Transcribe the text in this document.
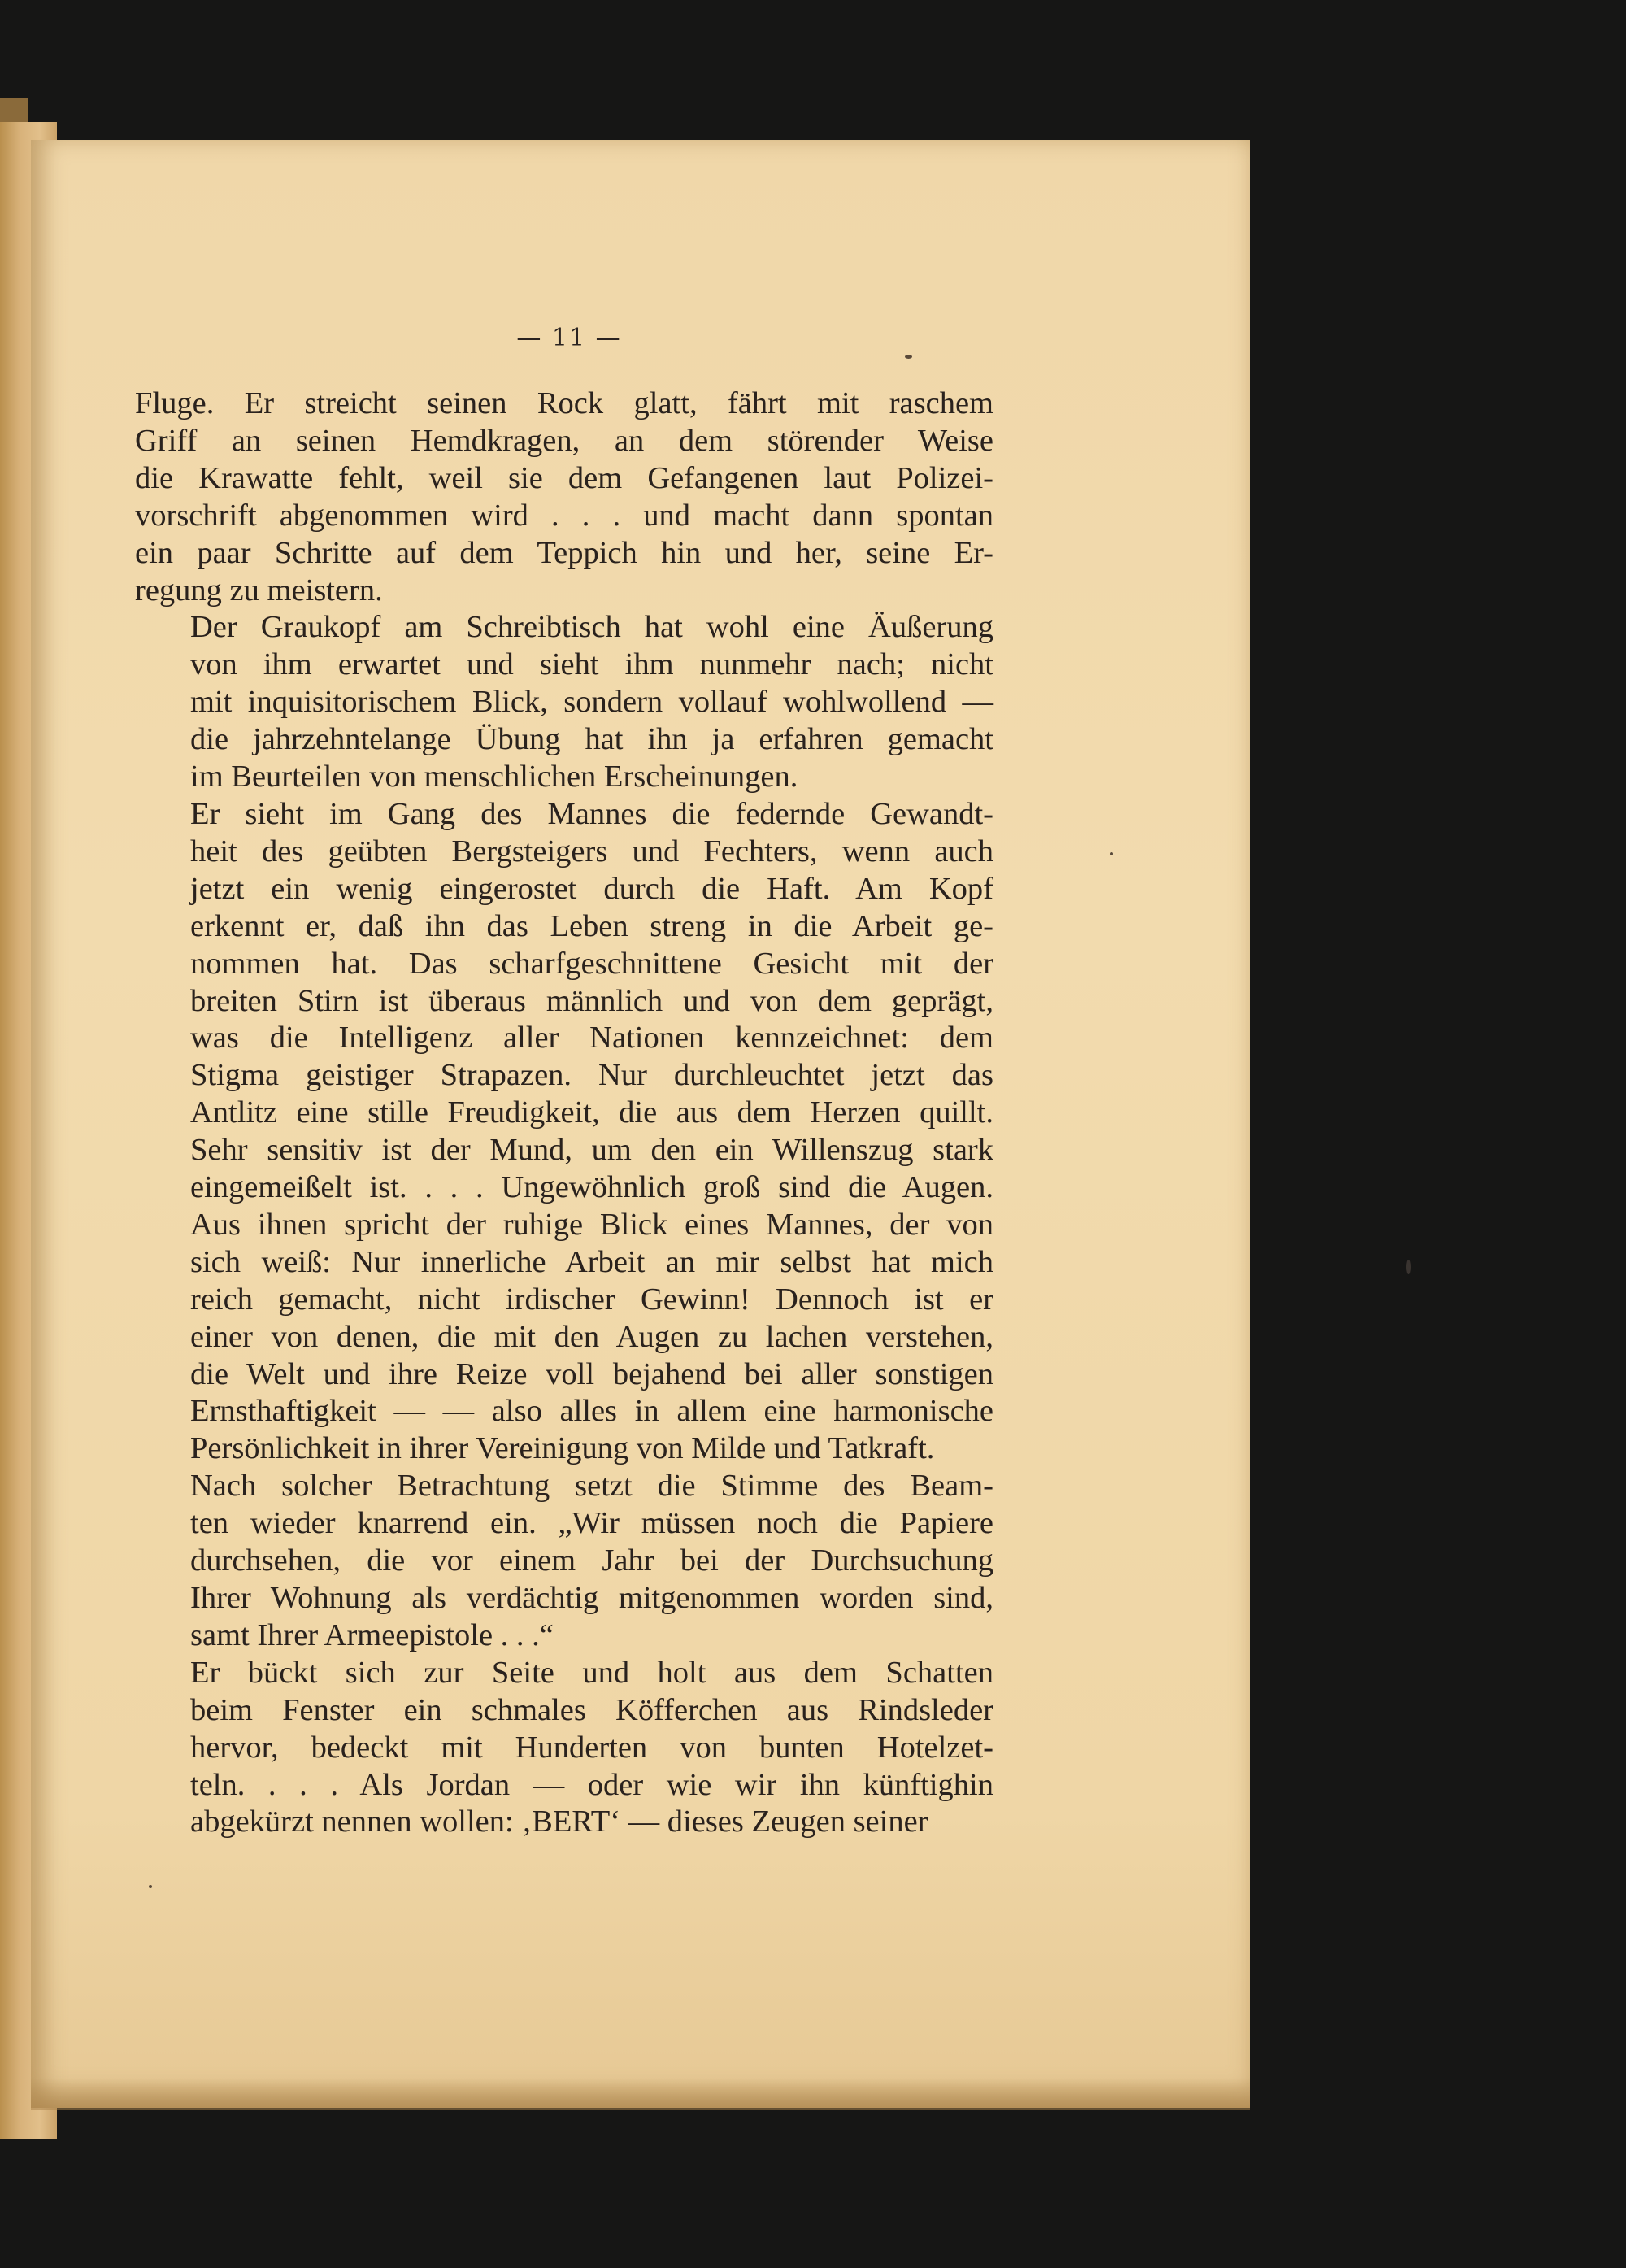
— 11 —

Fluge. Er streicht seinen Rock glatt, fährt mit raschem
Griff an seinen Hemdkragen, an dem störender Weise
die Krawatte fehlt, weil sie dem Gefangenen laut Polizei-
vorschrift abgenommen wird . . . und macht dann spontan
ein paar Schritte auf dem Teppich hin und her, seine Er-
regung zu meistern.

Der Graukopf am Schreibtisch hat wohl eine Äußerung
von ihm erwartet und sieht ihm nunmehr nach; nicht
mit inquisitorischem Blick, sondern vollauf wohlwollend —
die jahrzehntelange Übung hat ihn ja erfahren gemacht
im Beurteilen von menschlichen Erscheinungen.

Er sieht im Gang des Mannes die federnde Gewandt-
heit des geübten Bergsteigers und Fechters, wenn auch
jetzt ein wenig eingerostet durch die Haft. Am Kopf
erkennt er, daß ihn das Leben streng in die Arbeit ge-
nommen hat. Das scharfgeschnittene Gesicht mit der
breiten Stirn ist überaus männlich und von dem geprägt,
was die Intelligenz aller Nationen kennzeichnet: dem
Stigma geistiger Strapazen. Nur durchleuchtet jetzt das
Antlitz eine stille Freudigkeit, die aus dem Herzen quillt.
Sehr sensitiv ist der Mund, um den ein Willenszug stark
eingemeißelt ist. . . . Ungewöhnlich groß sind die Augen.
Aus ihnen spricht der ruhige Blick eines Mannes, der von
sich weiß: Nur innerliche Arbeit an mir selbst hat mich
reich gemacht, nicht irdischer Gewinn! Dennoch ist er
einer von denen, die mit den Augen zu lachen verstehen,
die Welt und ihre Reize voll bejahend bei aller sonstigen
Ernsthaftigkeit — — also alles in allem eine harmonische
Persönlichkeit in ihrer Vereinigung von Milde und Tatkraft.

Nach solcher Betrachtung setzt die Stimme des Beam-
ten wieder knarrend ein. „Wir müssen noch die Papiere
durchsehen, die vor einem Jahr bei der Durchsuchung
Ihrer Wohnung als verdächtig mitgenommen worden sind,
samt Ihrer Armeepistole . . .“

Er bückt sich zur Seite und holt aus dem Schatten
beim Fenster ein schmales Köfferchen aus Rindsleder
hervor, bedeckt mit Hunderten von bunten Hotelzet-
teln. . . . Als Jordan — oder wie wir ihn künftighin
abgekürzt nennen wollen: ‚BERT‘ — dieses Zeugen seiner
